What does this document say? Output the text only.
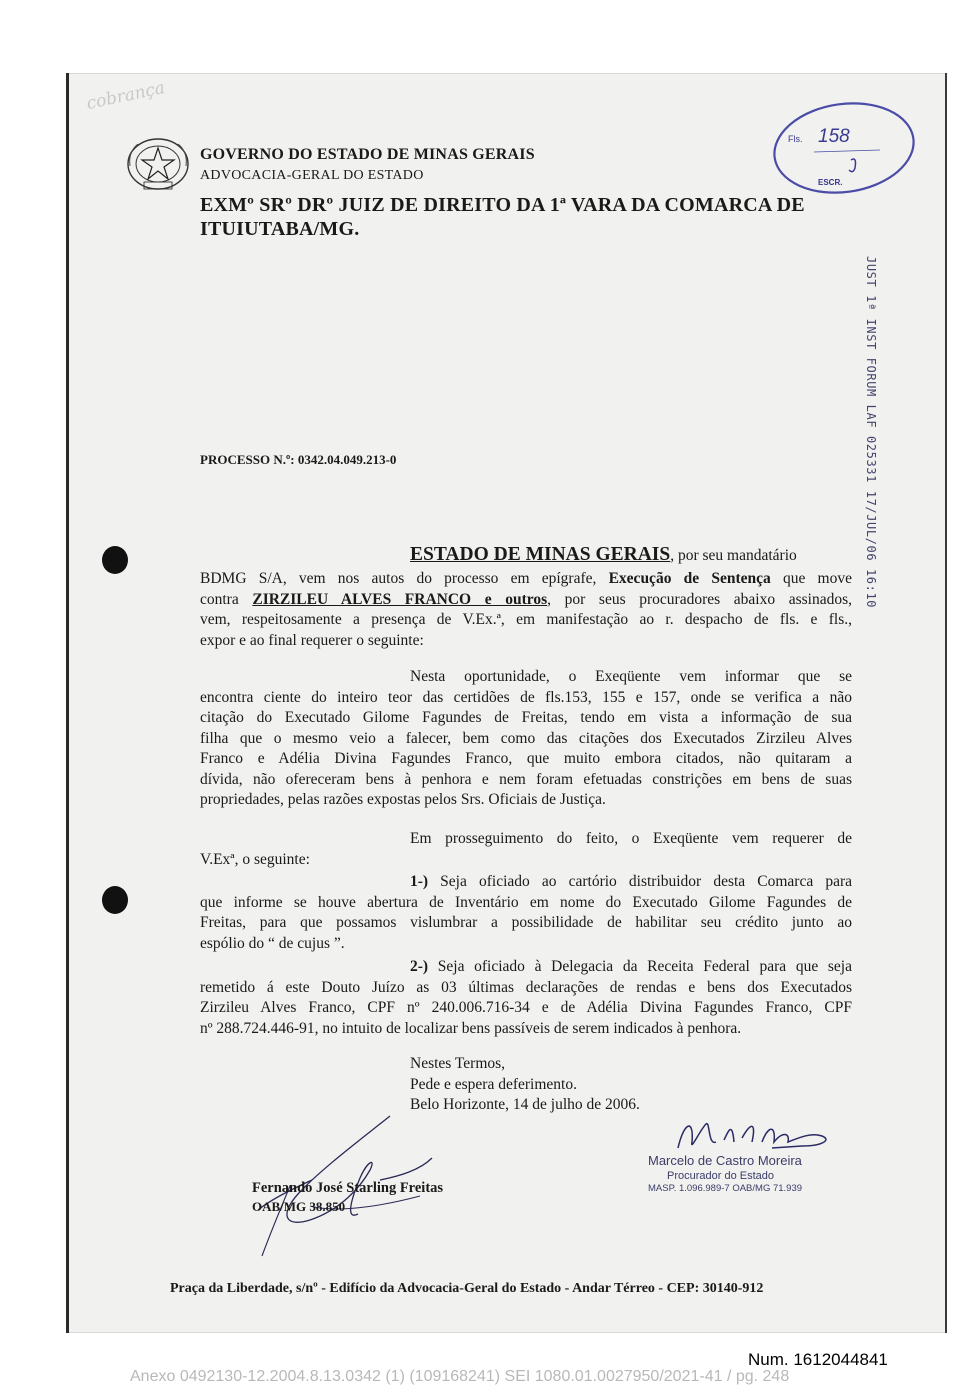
cobrança
GOVERNO DO ESTADO DE MINAS GERAIS
ADVOCACIA-GERAL DO ESTADO
EXMº SRº DRº JUIZ DE DIREITO DA 1ª VARA DA COMARCA DE
ITUIUTABA/MG.
Fls. 158
ESCR.
JUST 1ª INST FORUM LAF 025331 17/JUL/06 16:10
PROCESSO N.º: 0342.04.049.213-0
ESTADO DE MINAS GERAIS, por seu mandatário
BDMG S/A, vem nos autos do processo em epígrafe, Execução de Sentença que move
contra ZIRZILEU ALVES FRANCO e outros, por seus procuradores abaixo assinados,
vem, respeitosamente a presença de V.Ex.ª, em manifestação ao r. despacho de fls. e fls.,
expor e ao final requerer o seguinte:
Nesta oportunidade, o Exeqüente vem informar que se
encontra ciente do inteiro teor das certidões de fls.153, 155 e 157, onde se verifica a não
citação do Executado Gilome Fagundes de Freitas, tendo em vista a informação de sua
filha que o mesmo veio a falecer, bem como das citações dos Executados Zirzileu Alves
Franco e Adélia Divina Fagundes Franco, que muito embora citados, não quitaram a
dívida, não ofereceram bens à penhora e nem foram efetuadas constrições em bens de suas
propriedades, pelas razões expostas pelos Srs. Oficiais de Justiça.
Em prosseguimento do feito, o Exeqüente vem requerer de
V.Exª, o seguinte:
1-) Seja oficiado ao cartório distribuidor desta Comarca para
que informe se houve abertura de Inventário em nome do Executado Gilome Fagundes de
Freitas, para que possamos vislumbrar a possibilidade de habilitar seu crédito junto ao
espólio do “ de cujus ”.
2-) Seja oficiado à Delegacia da Receita Federal para que seja
remetido á este Douto Juízo as 03 últimas declarações de rendas e bens dos Executados
Zirzileu Alves Franco, CPF nº 240.006.716-34 e de Adélia Divina Fagundes Franco, CPF
nº 288.724.446-91, no intuito de localizar bens passíveis de serem indicados à penhora.
Nestes Termos,
Pede e espera deferimento.
Belo Horizonte, 14 de julho de 2006.
Fernando José Starling Freitas
OAB/MG 38.850
Marcelo de Castro Moreira
Procurador do Estado
MASP. 1.096.989-7 OAB/MG 71.939
Praça da Liberdade, s/nº - Edifício da Advocacia-Geral do Estado - Andar Térreo - CEP: 30140-912
Num. 1612044841
Anexo 0492130-12.2004.8.13.0342 (1) (109168241) SEI 1080.01.0027950/2021-41 / pg. 248
